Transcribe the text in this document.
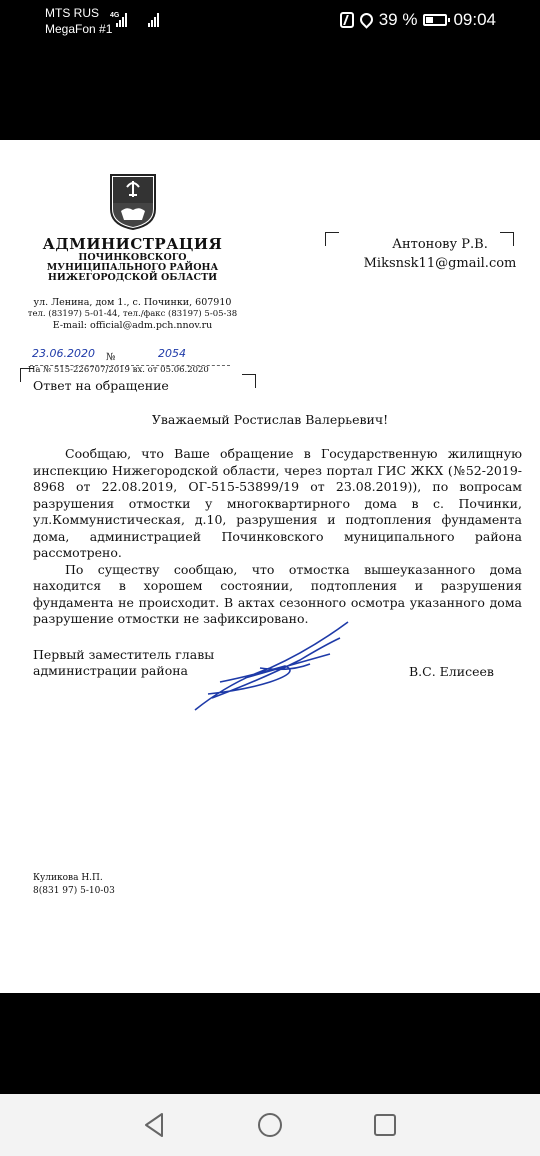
MTS RUS
MegaFon #1
4G	39 % 09:04
АДМИНИСТРАЦИЯ
ПОЧИНКОВСКОГО
МУНИЦИПАЛЬНОГО РАЙОНА
НИЖЕГОРОДСКОЙ ОБЛАСТИ
ул. Ленина, дом 1., с. Починки, 607910
тел. (83197) 5-01-44, тел./факс (83197) 5-05-38
E-mail: official@adm.pch.nnov.ru
Антонову Р.В.
Miksnsk11@gmail.com
23.06.2020 №	2054
На № 515-226707/2019 вх. от 05.06.2020
Ответ на обращение
Уважаемый Ростислав Валерьевич!

Сообщаю, что Ваше обращение в Государственную жилищную инспекцию Нижегородской области, через портал ГИС ЖКХ (№52-2019-8968 от 22.08.2019, ОГ-515-53899/19 от 23.08.2019)), по вопросам разрушения отмостки у многоквартирного дома в с. Починки, ул.Коммунистическая, д.10, разрушения и подтопления фундамента дома, администрацией Починковского муниципального района рассмотрено.

По существу сообщаю, что отмостка вышеуказанного дома находится в хорошем состоянии, подтопления и разрушения фундамента не происходит. В актах сезонного осмотра указанного дома разрушение отмостки не зафиксировано.

Первый заместитель главы
администрации района	В.С. Елисеев
Куликова Н.П.
8(831 97) 5-10-03
